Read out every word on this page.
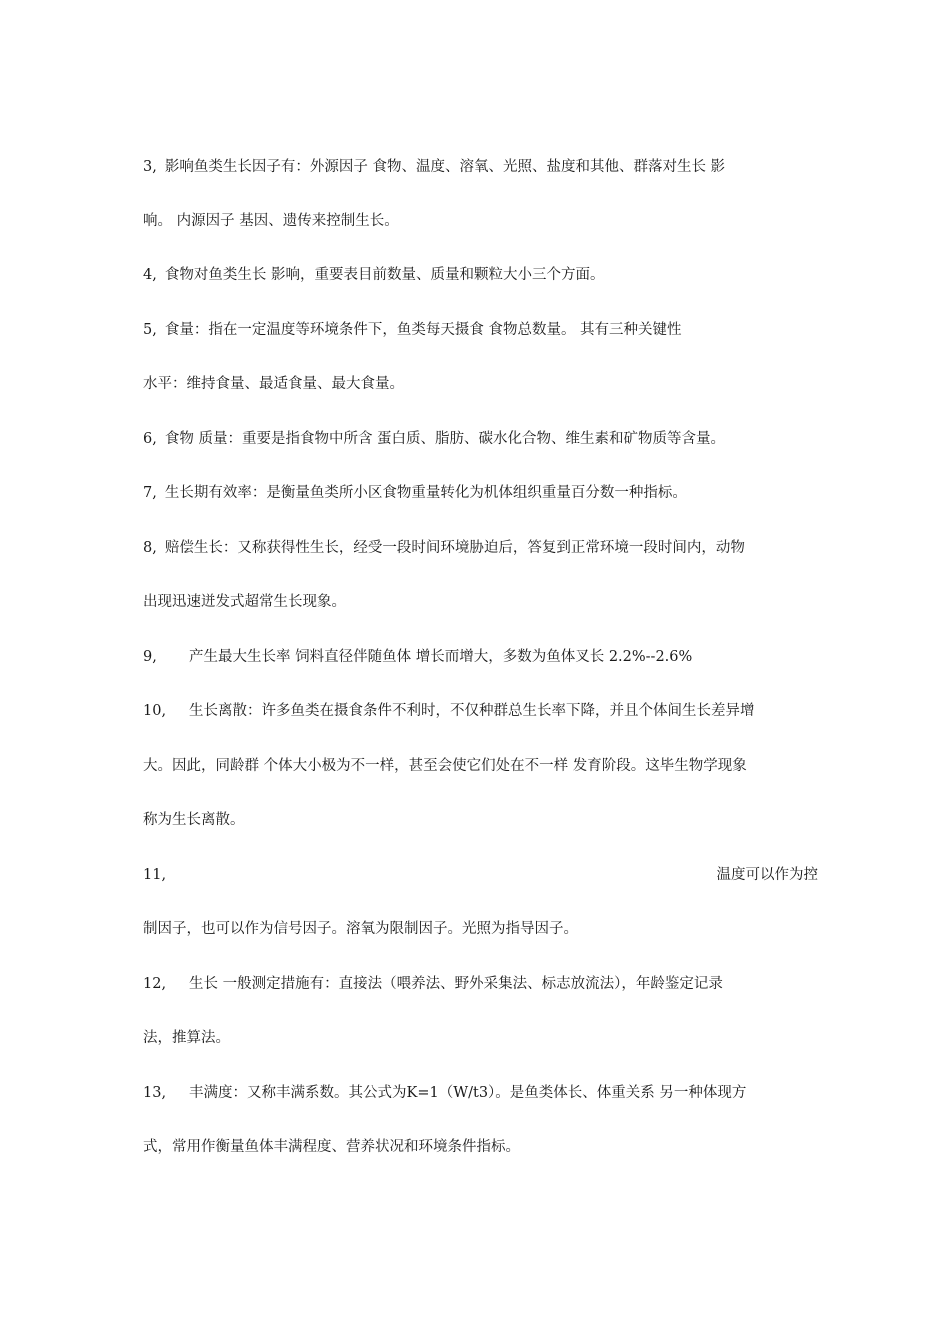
3, 影响鱼类生长因子有：外源因子 食物、温度、溶氧、光照、盐度和其他、群落对生长 影
响。 内源因子 基因、遗传来控制生长。
4, 食物对鱼类生长 影响，重要表目前数量、质量和颗粒大小三个方面。
5, 食量：指在一定温度等环境条件下，鱼类每天摄食 食物总数量。 其有三种关键性
水平：维持食量、最适食量、最大食量。
6, 食物 质量：重要是指食物中所含 蛋白质、脂肪、碳水化合物、维生素和矿物质等含量。
7, 生长期有效率：是衡量鱼类所小区食物重量转化为机体组织重量百分数一种指标。
8, 赔偿生长：又称获得性生长，经受一段时间环境胁迫后，答复到正常环境一段时间内，动物
出现迅速迸发式超常生长现象。
9, 产生最大生长率 饲料直径伴随鱼体 增长而增大，多数为鱼体叉长 2.2%--2.6%
10, 生长离散：许多鱼类在摄食条件不利时，不仅种群总生长率下降，并且个体间生长差异增
大。因此，同龄群 个体大小极为不一样，甚至会使它们处在不一样 发育阶段。这毕生物学现象
称为生长离散。
11,	温度可以作为控
制因子，也可以作为信号因子。溶氧为限制因子。光照为指导因子。
12, 生长 一般测定措施有：直接法（喂养法、野外采集法、标志放流法），年龄鉴定记录
法，推算法。
13, 丰满度：又称丰满系数。其公式为K=1（W/t3）。是鱼类体长、体重关系 另一种体现方
式，常用作衡量鱼体丰满程度、营养状况和环境条件指标。
